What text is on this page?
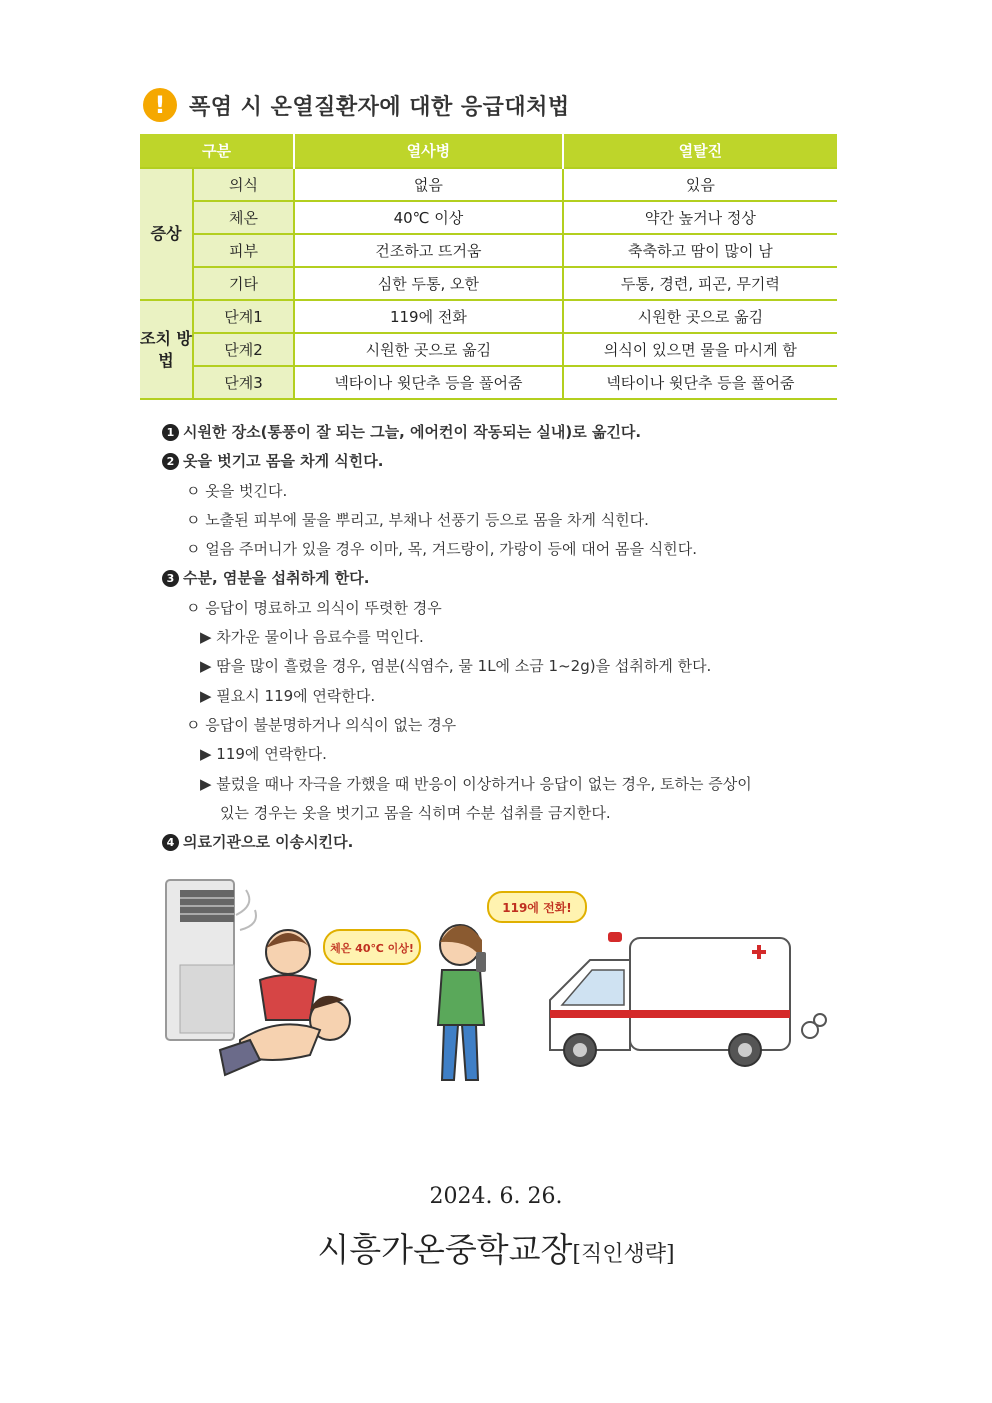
!	폭염 시 온열질환자에 대한 응급대처법
구분		열사병	열탈진
증상	의식	없음	있음
	체온	40℃ 이상	약간 높거나 정상
	피부	건조하고 뜨거움	축축하고 땀이 많이 남
	기타	심한 두통, 오한	두통, 경련, 피곤, 무기력
조치 방법	단계1	119에 전화	시원한 곳으로 옮김
	단계2	시원한 곳으로 옮김	의식이 있으면 물을 마시게 함
	단계3	넥타이나 윗단추 등을 풀어줌	넥타이나 윗단추 등을 풀어줌
1 시원한 장소(통풍이 잘 되는 그늘, 에어컨이 작동되는 실내)로 옮긴다.
2 옷을 벗기고 몸을 차게 식힌다.
ㅇ 옷을 벗긴다.
ㅇ 노출된 피부에 물을 뿌리고, 부채나 선풍기 등으로 몸을 차게 식힌다.
ㅇ 얼음 주머니가 있을 경우 이마, 목, 겨드랑이, 가랑이 등에 대어 몸을 식힌다.
3 수분, 염분을 섭취하게 한다.
ㅇ 응답이 명료하고 의식이 뚜렷한 경우
▶ 차가운 물이나 음료수를 먹인다.
▶ 땀을 많이 흘렸을 경우, 염분(식염수, 물 1L에 소금 1~2g)을 섭취하게 한다.
▶ 필요시 119에 연락한다.
ㅇ 응답이 불분명하거나 의식이 없는 경우
▶ 119에 연락한다.
▶ 불렀을 때나 자극을 가했을 때 반응이 이상하거나 응답이 없는 경우, 토하는 증상이
있는 경우는 옷을 벗기고 몸을 식히며 수분 섭취를 금지한다.
4 의료기관으로 이송시킨다.
체온 40℃ 이상!
119에 전화!
2024. 6. 26.
시흥가온중학교장[직인생략]
